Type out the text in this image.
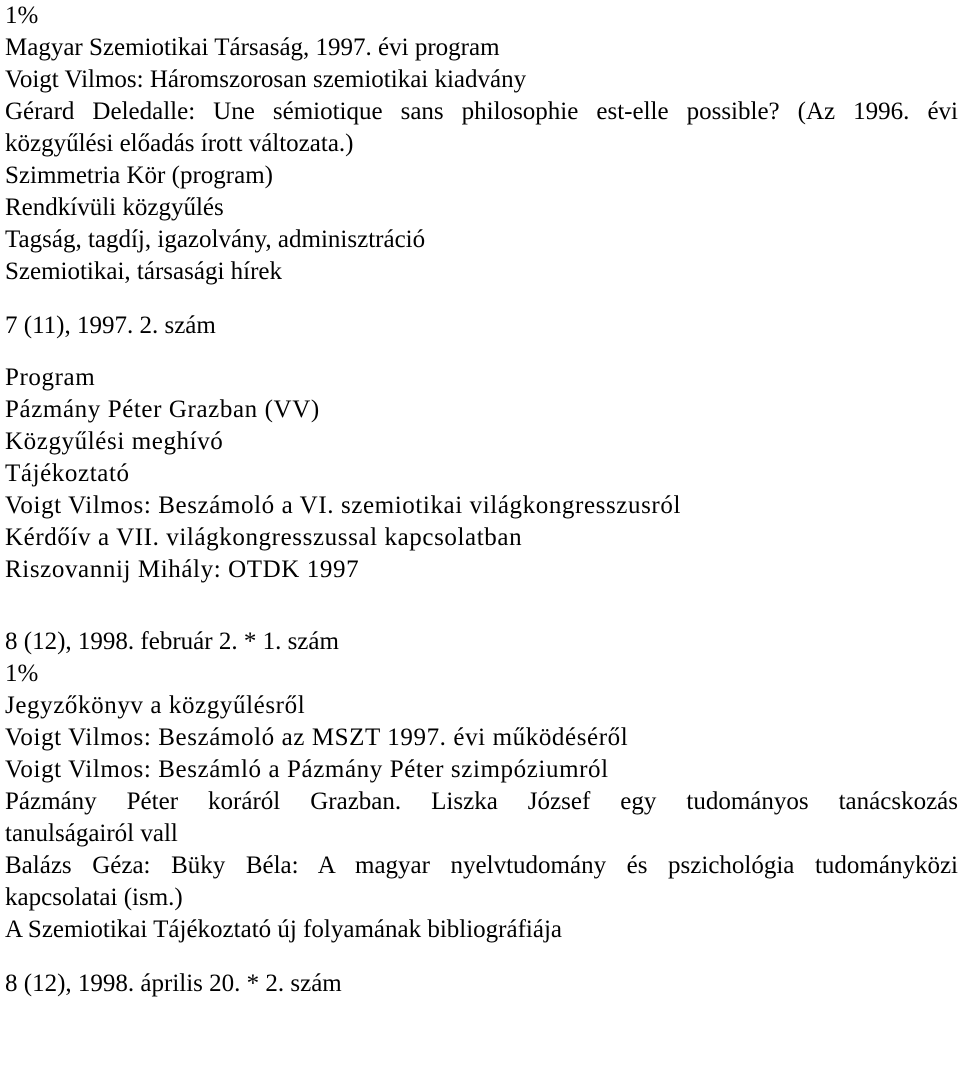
1%
Magyar Szemiotikai Társaság, 1997. évi program
Voigt Vilmos: Háromszorosan szemiotikai kiadvány
Gérard Deledalle: Une sémiotique sans philosophie est-elle possible? (Az 1996. évi
közgyűlési előadás írott változata.)
Szimmetria Kör (program)
Rendkívüli közgyűlés
Tagság, tagdíj, igazolvány, adminisztráció
Szemiotikai, társasági hírek
7 (11), 1997. 2. szám
Program
Pázmány Péter Grazban (VV)
Közgyűlési meghívó
Tájékoztató
Voigt Vilmos: Beszámoló a VI. szemiotikai világkongresszusról
Kérdőív a VII. világkongresszussal kapcsolatban
Riszovannij Mihály: OTDK 1997
8 (12), 1998. február 2. * 1. szám
1%
Jegyzőkönyv a közgyűlésről
Voigt Vilmos: Beszámoló az MSZT 1997. évi működéséről
Voigt Vilmos: Beszámló a Pázmány Péter szimpóziumról
Pázmány Péter koráról Grazban. Liszka József egy tudományos tanácskozás
tanulságairól vall
Balázs Géza: Büky Béla: A magyar nyelvtudomány és pszichológia tudományközi
kapcsolatai (ism.)
A Szemiotikai Tájékoztató új folyamának bibliográfiája
8 (12), 1998. április 20. * 2. szám
